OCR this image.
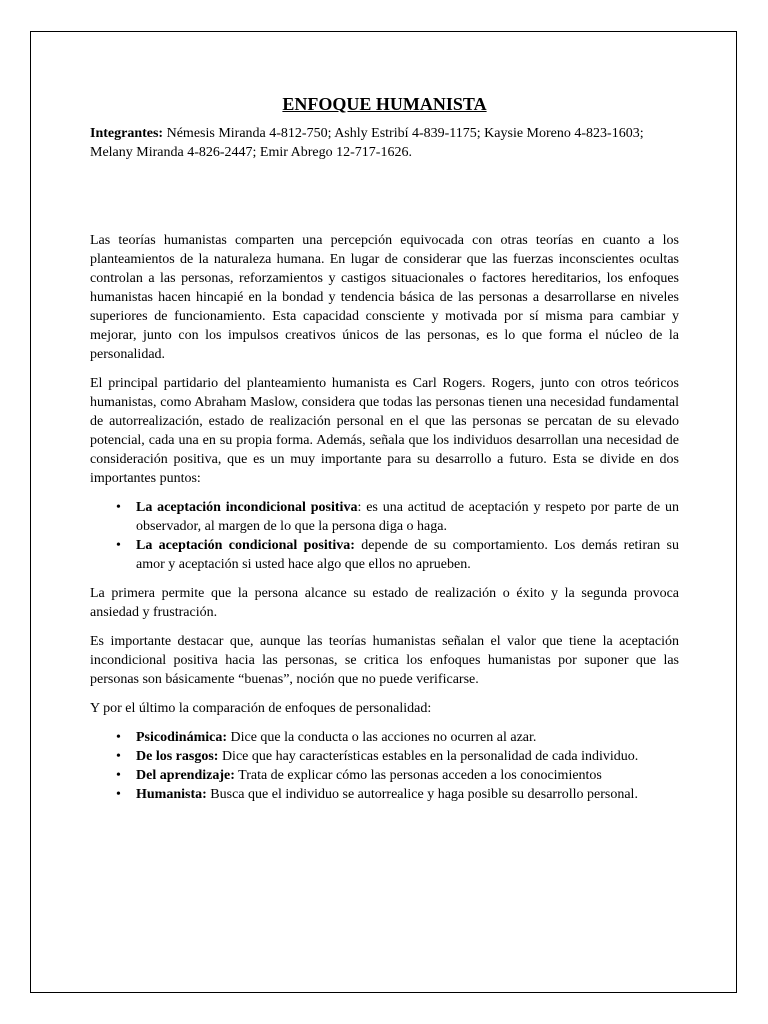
ENFOQUE HUMANISTA

Integrantes: Némesis Miranda 4-812-750; Ashly Estribí 4-839-1175; Kaysie Moreno 4-823-1603; Melany Miranda 4-826-2447; Emir Abrego 12-717-1626.

Las teorías humanistas comparten una percepción equivocada con otras teorías en cuanto a los planteamientos de la naturaleza humana. En lugar de considerar que las fuerzas inconscientes ocultas controlan a las personas, reforzamientos y castigos situacionales o factores hereditarios, los enfoques humanistas hacen hincapié en la bondad y tendencia básica de las personas a desarrollarse en niveles superiores de funcionamiento. Esta capacidad consciente y motivada por sí misma para cambiar y mejorar, junto con los impulsos creativos únicos de las personas, es lo que forma el núcleo de la personalidad.

El principal partidario del planteamiento humanista es Carl Rogers. Rogers, junto con otros teóricos humanistas, como Abraham Maslow, considera que todas las personas tienen una necesidad fundamental de autorrealización, estado de realización personal en el que las personas se percatan de su elevado potencial, cada una en su propia forma. Además, señala que los individuos desarrollan una necesidad de consideración positiva, que es un muy importante para su desarrollo a futuro. Esta se divide en dos importantes puntos:

• La aceptación incondicional positiva: es una actitud de aceptación y respeto por parte de un observador, al margen de lo que la persona diga o haga.
• La aceptación condicional positiva: depende de su comportamiento. Los demás retiran su amor y aceptación si usted hace algo que ellos no aprueben.

La primera permite que la persona alcance su estado de realización o éxito y la segunda provoca ansiedad y frustración.

Es importante destacar que, aunque las teorías humanistas señalan el valor que tiene la aceptación incondicional positiva hacia las personas, se critica los enfoques humanistas por suponer que las personas son básicamente “buenas”, noción que no puede verificarse.

Y por el último la comparación de enfoques de personalidad:

• Psicodinámica: Dice que la conducta o las acciones no ocurren al azar.
• De los rasgos: Dice que hay características estables en la personalidad de cada individuo.
• Del aprendizaje: Trata de explicar cómo las personas acceden a los conocimientos
• Humanista: Busca que el individuo se autorrealice y haga posible su desarrollo personal.
